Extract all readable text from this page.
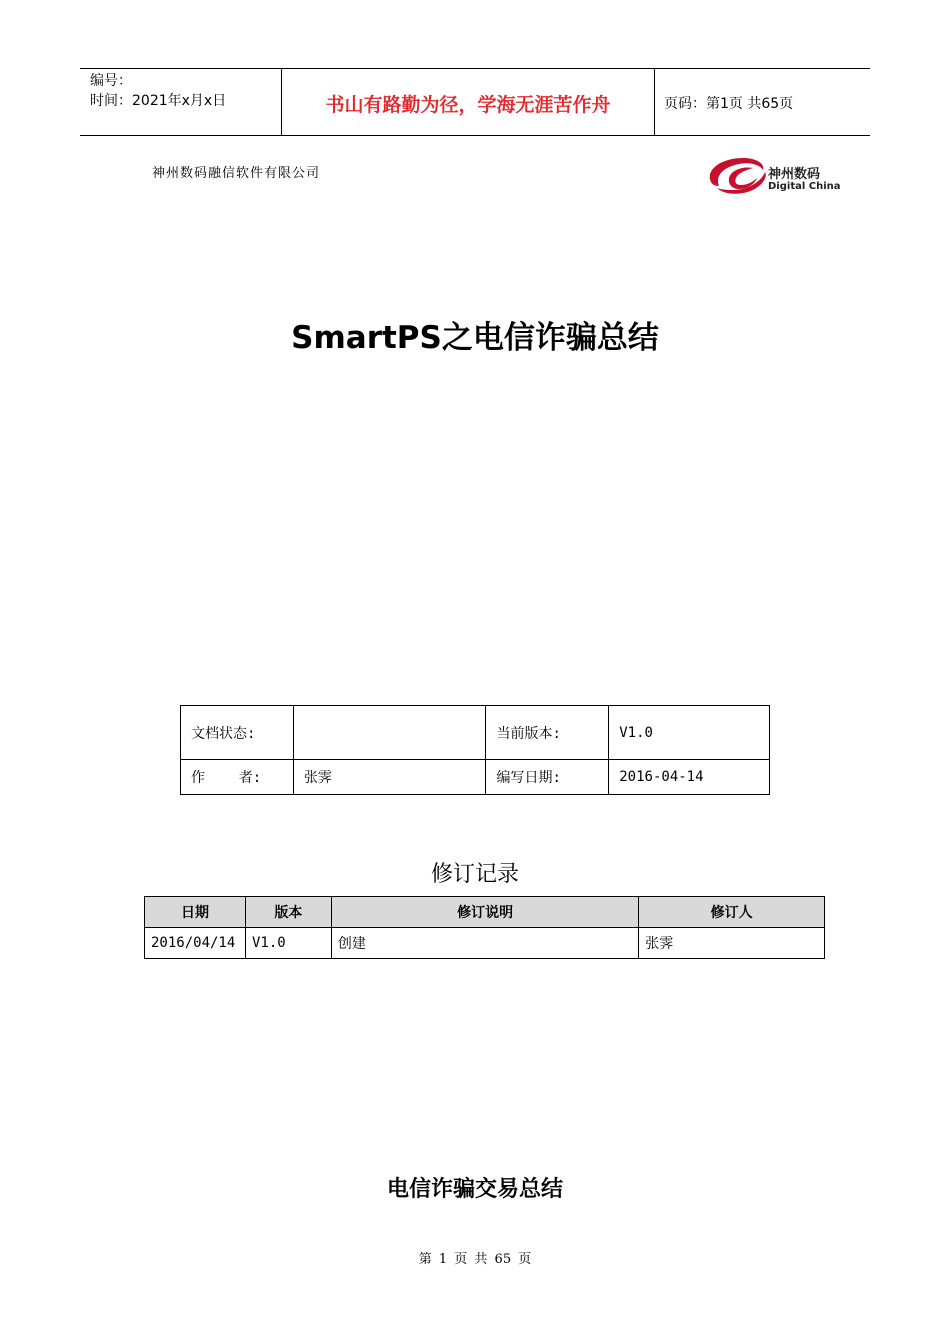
编号：
时间：2021年x月x日	书山有路勤为径，学海无涯苦作舟	页码：第1页 共65页
神州数码融信软件有限公司	神州数码
Digital China
SmartPS之电信诈骗总结
文档状态:		当前版本:	V1.0
作    者:	张霁	编写日期:	2016-04-14
修订记录
日期	版本	修订说明	修订人
2016/04/14	V1.0	创建	张霁
电信诈骗交易总结
第 1 页 共 65 页
